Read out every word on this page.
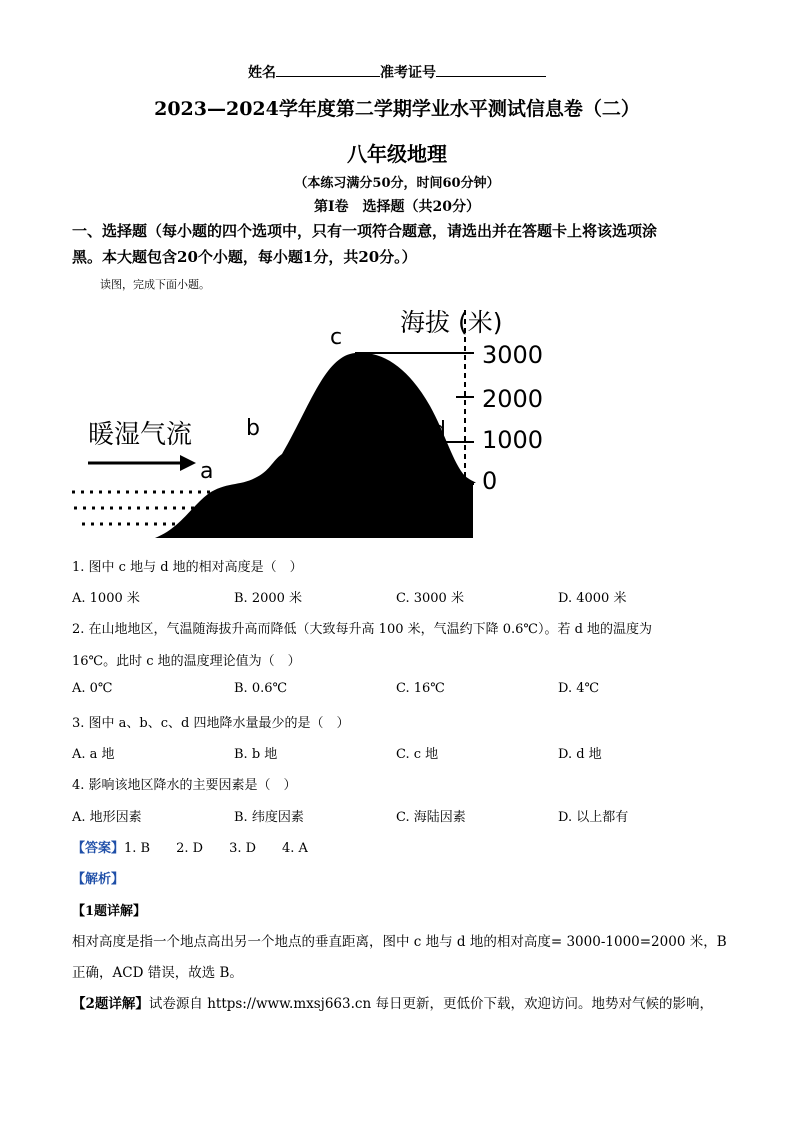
姓名	准考证号
2023—2024学年度第二学期学业水平测试信息卷（二）
八年级地理
（本练习满分50分，时间60分钟）
第Ⅰ卷　选择题（共20分）
一、选择题（每小题的四个选项中，只有一项符合题意，请选出并在答题卡上将该选项涂
黑。本大题包含20个小题，每小题1分，共20分。）
读图，完成下面小题。
暖湿气流
a
b
c
d
海拔 (米)
3000
2000
1000
0
1. 图中 c 地与 d 地的相对高度是（　）
A. 1000 米	B. 2000 米	C. 3000 米	D. 4000 米
2. 在山地地区，气温随海拔升高而降低（大致每升高 100 米，气温约下降 0.6℃）。若 d 地的温度为
16℃。此时 c 地的温度理论值为（　）
A. 0℃	B. 0.6℃	C. 16℃	D. 4℃
3. 图中 a、b、c、d 四地降水量最少的是（　）
A. a 地	B. b 地	C. c 地	D. d 地
4. 影响该地区降水的主要因素是（　）
A. 地形因素	B. 纬度因素	C. 海陆因素	D. 以上都有
【答案】1. B　　2. D　　3. D　　4. A
【解析】
【1题详解】
相对高度是指一个地点高出另一个地点的垂直距离，图中 c 地与 d 地的相对高度= 3000-1000=2000 米，B
正确，ACD 错误，故选 B。
【2题详解】试卷源自 https://www.mxsj663.cn 每日更新，更低价下载，欢迎访问。地势对气候的影响，
